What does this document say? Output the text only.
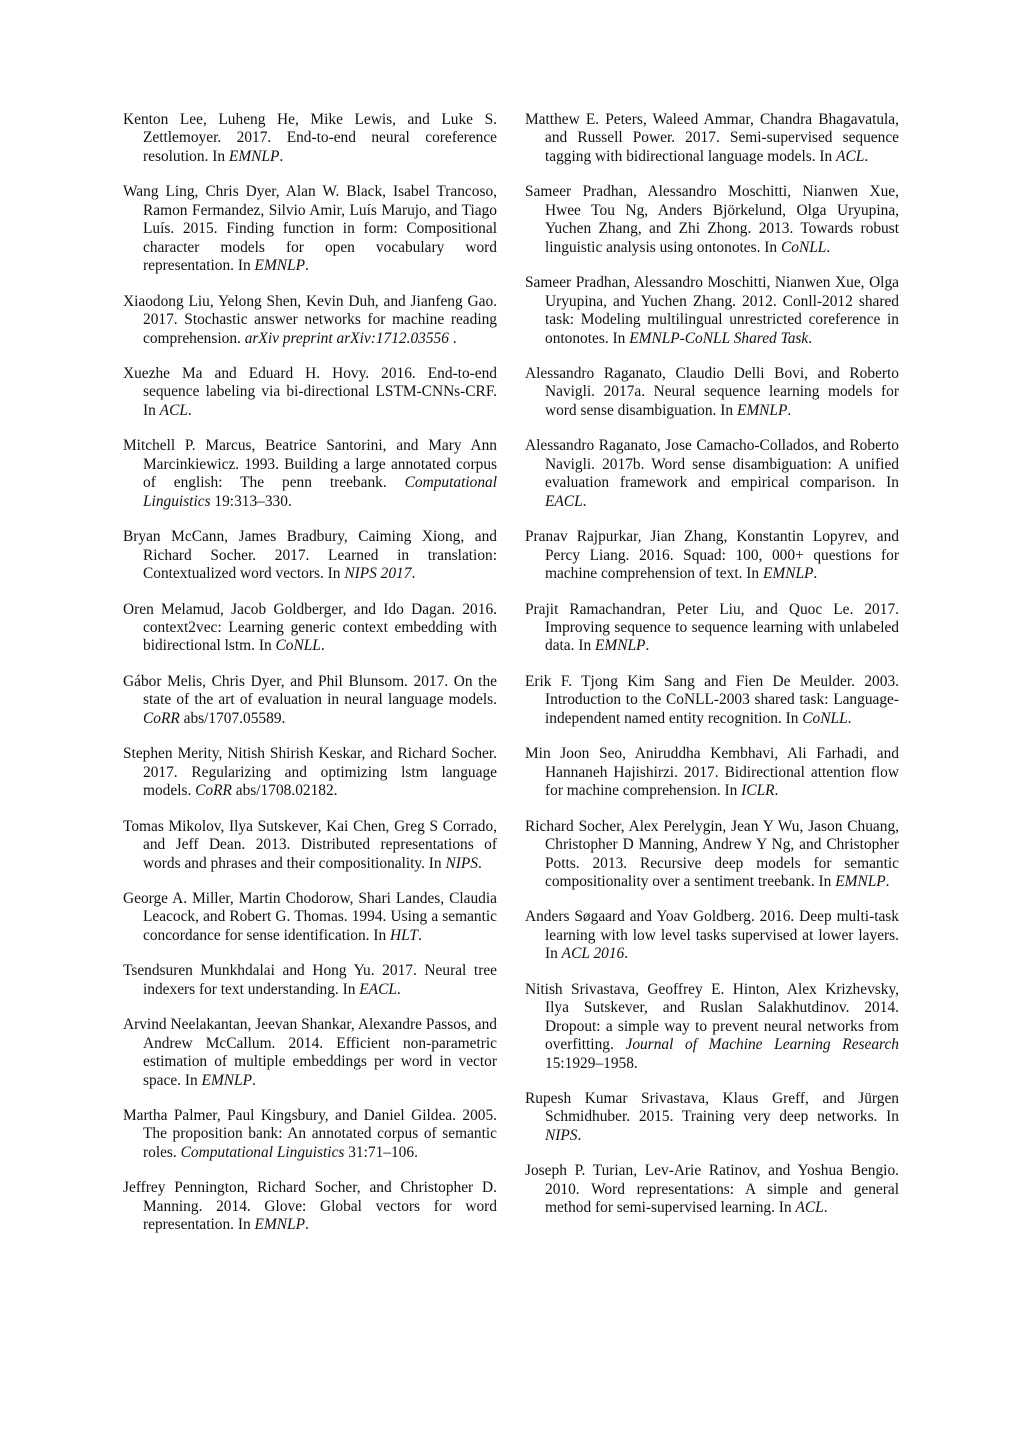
Kenton Lee, Luheng He, Mike Lewis, and Luke S. Zettlemoyer. 2017. End-to-end neural coreference resolution. In EMNLP.

Wang Ling, Chris Dyer, Alan W. Black, Isabel Trancoso, Ramon Fermandez, Silvio Amir, Luís Marujo, and Tiago Luís. 2015. Finding function in form: Compositional character models for open vocabulary word representation. In EMNLP.

Xiaodong Liu, Yelong Shen, Kevin Duh, and Jianfeng Gao. 2017. Stochastic answer networks for machine reading comprehension. arXiv preprint arXiv:1712.03556 .

Xuezhe Ma and Eduard H. Hovy. 2016. End-to-end sequence labeling via bi-directional LSTM-CNNs-CRF. In ACL.

Mitchell P. Marcus, Beatrice Santorini, and Mary Ann Marcinkiewicz. 1993. Building a large annotated corpus of english: The penn treebank. Computational Linguistics 19:313–330.

Bryan McCann, James Bradbury, Caiming Xiong, and Richard Socher. 2017. Learned in translation: Contextualized word vectors. In NIPS 2017.

Oren Melamud, Jacob Goldberger, and Ido Dagan. 2016. context2vec: Learning generic context embedding with bidirectional lstm. In CoNLL.

Gábor Melis, Chris Dyer, and Phil Blunsom. 2017. On the state of the art of evaluation in neural language models. CoRR abs/1707.05589.

Stephen Merity, Nitish Shirish Keskar, and Richard Socher. 2017. Regularizing and optimizing lstm language models. CoRR abs/1708.02182.

Tomas Mikolov, Ilya Sutskever, Kai Chen, Greg S Corrado, and Jeff Dean. 2013. Distributed representations of words and phrases and their compositionality. In NIPS.

George A. Miller, Martin Chodorow, Shari Landes, Claudia Leacock, and Robert G. Thomas. 1994. Using a semantic concordance for sense identification. In HLT.

Tsendsuren Munkhdalai and Hong Yu. 2017. Neural tree indexers for text understanding. In EACL.

Arvind Neelakantan, Jeevan Shankar, Alexandre Passos, and Andrew McCallum. 2014. Efficient non-parametric estimation of multiple embeddings per word in vector space. In EMNLP.

Martha Palmer, Paul Kingsbury, and Daniel Gildea. 2005. The proposition bank: An annotated corpus of semantic roles. Computational Linguistics 31:71–106.

Jeffrey Pennington, Richard Socher, and Christopher D. Manning. 2014. Glove: Global vectors for word representation. In EMNLP.

Matthew E. Peters, Waleed Ammar, Chandra Bhagavatula, and Russell Power. 2017. Semi-supervised sequence tagging with bidirectional language models. In ACL.

Sameer Pradhan, Alessandro Moschitti, Nianwen Xue, Hwee Tou Ng, Anders Björkelund, Olga Uryupina, Yuchen Zhang, and Zhi Zhong. 2013. Towards robust linguistic analysis using ontonotes. In CoNLL.

Sameer Pradhan, Alessandro Moschitti, Nianwen Xue, Olga Uryupina, and Yuchen Zhang. 2012. Conll-2012 shared task: Modeling multilingual unrestricted coreference in ontonotes. In EMNLP-CoNLL Shared Task.

Alessandro Raganato, Claudio Delli Bovi, and Roberto Navigli. 2017a. Neural sequence learning models for word sense disambiguation. In EMNLP.

Alessandro Raganato, Jose Camacho-Collados, and Roberto Navigli. 2017b. Word sense disambiguation: A unified evaluation framework and empirical comparison. In EACL.

Pranav Rajpurkar, Jian Zhang, Konstantin Lopyrev, and Percy Liang. 2016. Squad: 100, 000+ questions for machine comprehension of text. In EMNLP.

Prajit Ramachandran, Peter Liu, and Quoc Le. 2017. Improving sequence to sequence learning with unlabeled data. In EMNLP.

Erik F. Tjong Kim Sang and Fien De Meulder. 2003. Introduction to the CoNLL-2003 shared task: Language-independent named entity recognition. In CoNLL.

Min Joon Seo, Aniruddha Kembhavi, Ali Farhadi, and Hannaneh Hajishirzi. 2017. Bidirectional attention flow for machine comprehension. In ICLR.

Richard Socher, Alex Perelygin, Jean Y Wu, Jason Chuang, Christopher D Manning, Andrew Y Ng, and Christopher Potts. 2013. Recursive deep models for semantic compositionality over a sentiment treebank. In EMNLP.

Anders Søgaard and Yoav Goldberg. 2016. Deep multi-task learning with low level tasks supervised at lower layers. In ACL 2016.

Nitish Srivastava, Geoffrey E. Hinton, Alex Krizhevsky, Ilya Sutskever, and Ruslan Salakhutdinov. 2014. Dropout: a simple way to prevent neural networks from overfitting. Journal of Machine Learning Research 15:1929–1958.

Rupesh Kumar Srivastava, Klaus Greff, and Jürgen Schmidhuber. 2015. Training very deep networks. In NIPS.

Joseph P. Turian, Lev-Arie Ratinov, and Yoshua Bengio. 2010. Word representations: A simple and general method for semi-supervised learning. In ACL.
